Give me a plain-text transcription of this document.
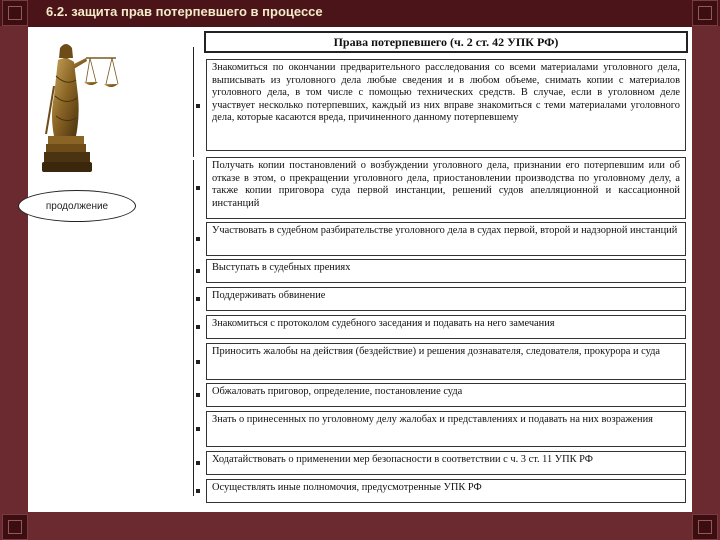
6.2. защита прав потерпевшего в процессе
продолжение
Права потерпевшего (ч. 2 ст. 42 УПК РФ)
Знакомиться по окончании предварительного расследования со всеми материалами уголовного дела, выписывать из уголовного дела любые сведения и в любом объеме, снимать копии с материалов уголовного дела, в том числе с помощью технических средств. В случае, если в уголовном деле участвует несколько потерпевших, каждый из них вправе знакомиться с теми материалами уголовного дела, которые касаются вреда, причиненного данному потерпевшему
Получать копии постановлений о возбуждении уголовного дела, признании его потерпевшим или об отказе в этом, о прекращении уголовного дела, приостановлении производства по уголовному делу, а также копии приговора суда первой инстанции, решений судов апелляционной и кассационной инстанций
Участвовать в судебном разбирательстве уголовного дела в судах первой, второй и надзорной инстанций
Выступать в судебных прениях
Поддерживать обвинение
Знакомиться с протоколом судебного заседания и подавать на него замечания
Приносить жалобы на действия (бездействие) и решения дознавателя, следователя, прокурора и суда
Обжаловать приговор, определение, постановление суда
Знать о принесенных по уголовному делу жалобах и представлениях и подавать на них возражения
Ходатайствовать о применении мер безопасности в соответствии с ч. 3 ст. 11 УПК РФ
Осуществлять иные полномочия, предусмотренные УПК РФ
